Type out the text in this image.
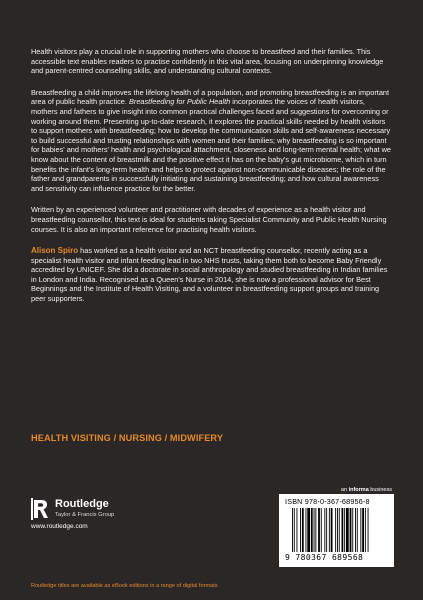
Health visitors play a crucial role in supporting mothers who choose to breastfeed and their families. This accessible text enables readers to practise confidently in this vital area, focusing on underpinning knowledge and parent-centred counselling skills, and understanding cultural contexts.

Breastfeeding a child improves the lifelong health of a population, and promoting breastfeeding is an important area of public health practice. Breastfeeding for Public Health incorporates the voices of health visitors, mothers and fathers to give insight into common practical challenges faced and suggestions for overcoming or working around them. Presenting up-to-date research, it explores the practical skills needed by health visitors to support mothers with breastfeeding; how to develop the communication skills and self-awareness necessary to build successful and trusting relationships with women and their families; why breastfeeding is so important for babies' and mothers' health and psychological attachment, closeness and long-term mental health; what we know about the content of breastmilk and the positive effect it has on the baby's gut microbiome, which in turn benefits the infant's long-term health and helps to protect against non-communicable diseases; the role of the father and grandparents in successfully initiating and sustaining breastfeeding; and how cultural awareness and sensitivity can influence practice for the better.

Written by an experienced volunteer and practitioner with decades of experience as a health visitor and breastfeeding counsellor, this text is ideal for students taking Specialist Community and Public Health Nursing courses. It is also an important reference for practising health visitors.

Alison Spiro has worked as a health visitor and an NCT breastfeeding counsellor, recently acting as a specialist health visitor and infant feeding lead in two NHS trusts, taking them both to become Baby Friendly accredited by UNICEF. She did a doctorate in social anthropology and studied breastfeeding in Indian families in London and India. Recognised as a Queen's Nurse in 2014, she is now a professional advisor for Best Beginnings and the Institute of Health Visiting, and a volunteer in breastfeeding support groups and training peer supporters.

HEALTH VISITING / NURSING / MIDWIFERY
an informa business
Routledge
Taylor & Francis Group
www.routledge.com
ISBN 978-0-367-68956-8
9 780367 689568
Routledge titles are available as eBook editions in a range of digital formats
